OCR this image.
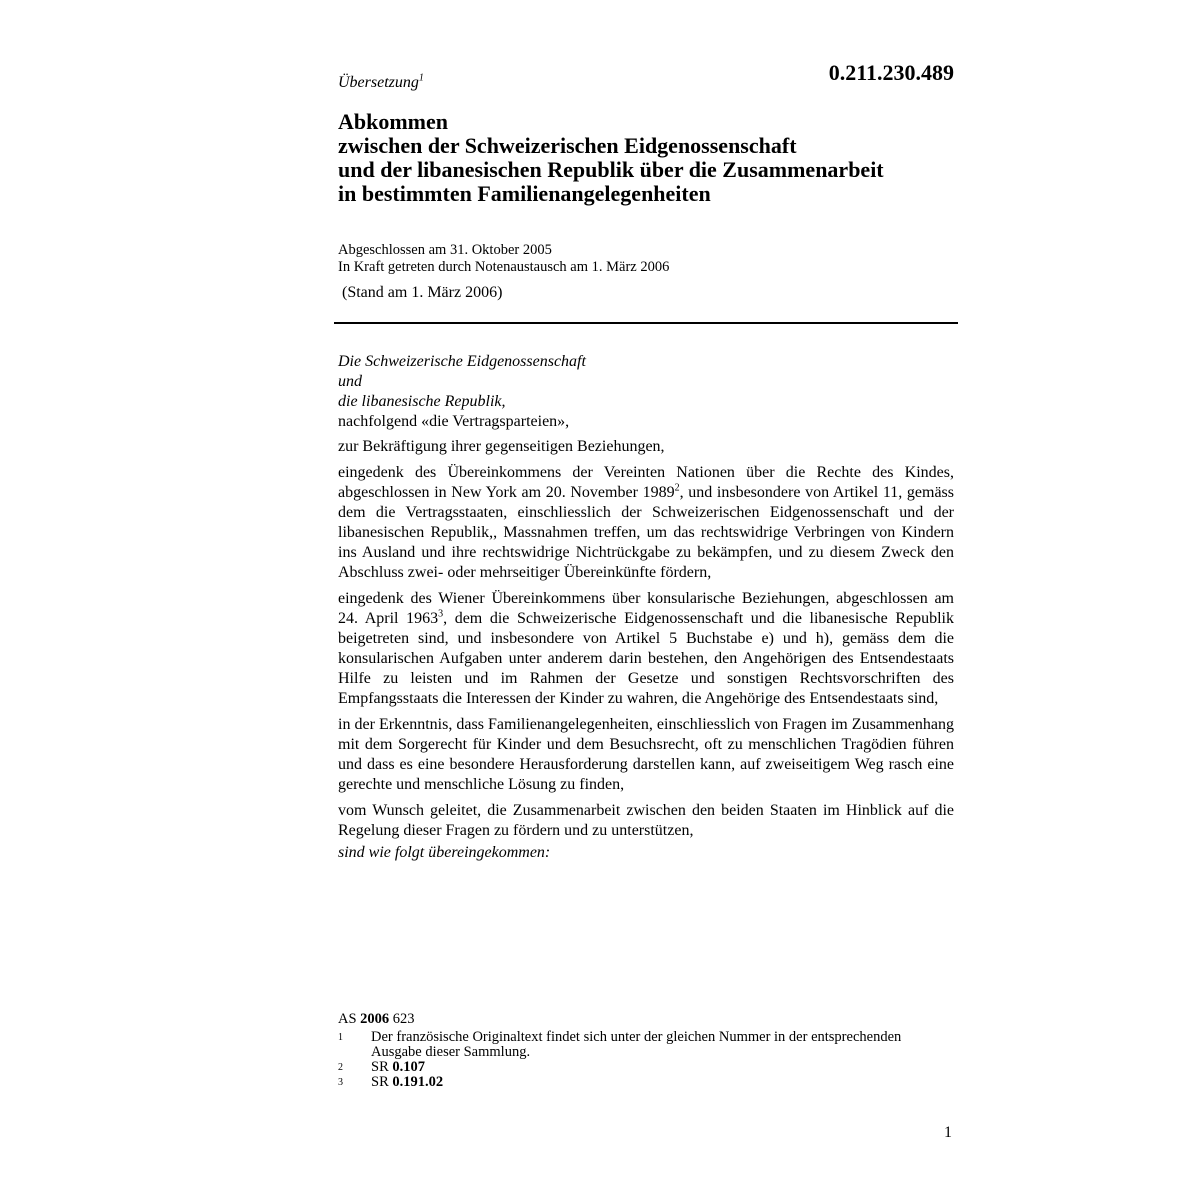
0.211.230.489
Übersetzung$^1$
Abkommen
zwischen der Schweizerischen Eidgenossenschaft
und der libanesischen Republik über die Zusammenarbeit
in bestimmten Familienangelegenheiten
Abgeschlossen am 31. Oktober 2005
In Kraft getreten durch Notenaustausch am 1. März 2006
(Stand am 1. März 2006)
Die Schweizerische Eidgenossenschaft
und
die libanesische Republik,
nachfolgend «die Vertragsparteien»,

zur Bekräftigung ihrer gegenseitigen Beziehungen,

eingedenk des Übereinkommens der Vereinten Nationen über die Rechte des Kindes, abgeschlossen in New York am 20. November 1989$^2$, und insbesondere von Artikel 11, gemäss dem die Vertragsstaaten, einschliesslich der Schweizerischen Eidgenossenschaft und der libanesischen Republik,, Massnahmen treffen, um das rechtswidrige Verbringen von Kindern ins Ausland und ihre rechtswidrige Nichtrückgabe zu bekämpfen, und zu diesem Zweck den Abschluss zwei- oder mehrseitiger Übereinkünfte fördern,

eingedenk des Wiener Übereinkommens über konsularische Beziehungen, abgeschlossen am 24. April 1963$^3$, dem die Schweizerische Eidgenossenschaft und die libanesische Republik beigetreten sind, und insbesondere von Artikel 5 Buchstabe e) und h), gemäss dem die konsularischen Aufgaben unter anderem darin bestehen, den Angehörigen des Entsendestaats Hilfe zu leisten und im Rahmen der Gesetze und sonstigen Rechtsvorschriften des Empfangsstaats die Interessen der Kinder zu wahren, die Angehörige des Entsendestaats sind,

in der Erkenntnis, dass Familienangelegenheiten, einschliesslich von Fragen im Zusammenhang mit dem Sorgerecht für Kinder und dem Besuchsrecht, oft zu menschlichen Tragödien führen und dass es eine besondere Herausforderung darstellen kann, auf zweiseitigem Weg rasch eine gerechte und menschliche Lösung zu finden,

vom Wunsch geleitet, die Zusammenarbeit zwischen den beiden Staaten im Hinblick auf die Regelung dieser Fragen zu fördern und zu unterstützen,

sind wie folgt übereingekommen:
AS 2006 623
1	Der französische Originaltext findet sich unter der gleichen Nummer in der entsprechenden Ausgabe dieser Sammlung.
2	SR 0.107
3	SR 0.191.02
1
